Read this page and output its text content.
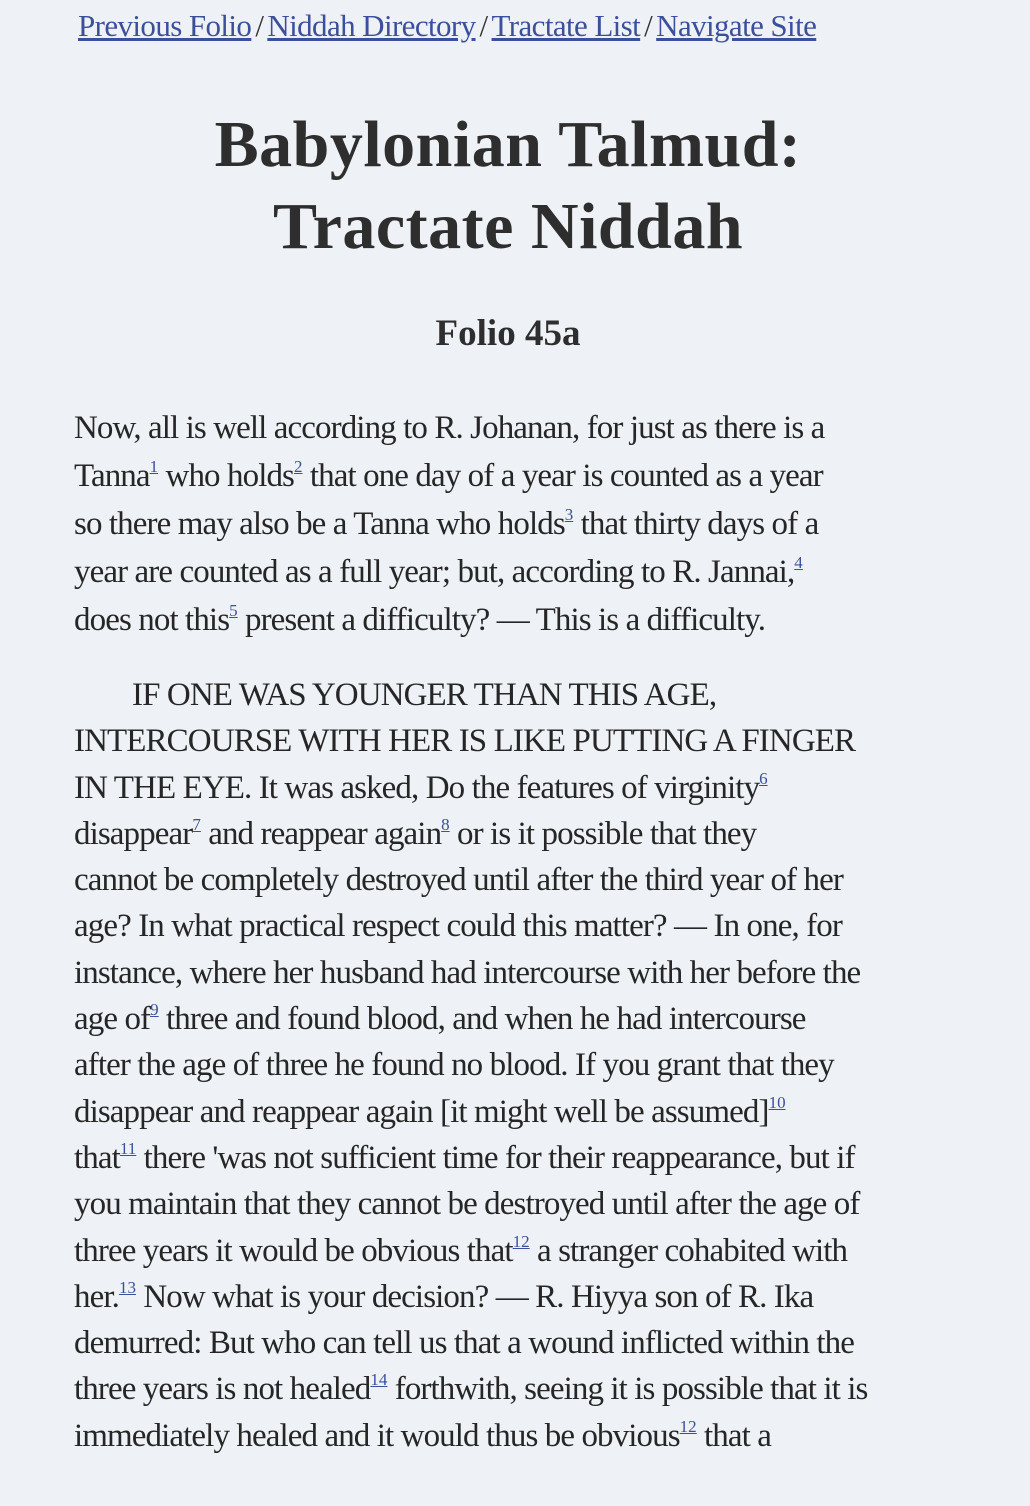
Previous Folio / Niddah Directory / Tractate List / Navigate Site
Babylonian Talmud:
Tractate Niddah
Folio 45a
Now, all is well according to R. Johanan, for just as there is a
Tanna$^1$ who holds$^2$ that one day of a year is counted as a year
so there may also be a Tanna who holds$^3$ that thirty days of a
year are counted as a full year; but, according to R. Jannai,$^4$
does not this$^5$ present a difficulty? — This is a difficulty.
IF ONE WAS YOUNGER THAN THIS AGE,
INTERCOURSE WITH HER IS LIKE PUTTING A FINGER
IN THE EYE. It was asked, Do the features of virginity$^6$
disappear$^7$ and reappear again$^8$ or is it possible that they
cannot be completely destroyed until after the third year of her
age? In what practical respect could this matter? — In one, for
instance, where her husband had intercourse with her before the
age of$^9$ three and found blood, and when he had intercourse
after the age of three he found no blood. If you grant that they
disappear and reappear again [it might well be assumed]$^{10}$
that$^{11}$ there 'was not sufficient time for their reappearance, but if
you maintain that they cannot be destroyed until after the age of
three years it would be obvious that$^{12}$ a stranger cohabited with
her.$^{13}$ Now what is your decision? — R. Hiyya son of R. Ika
demurred: But who can tell us that a wound inflicted within the
three years is not healed$^{14}$ forthwith, seeing it is possible that it is
immediately healed and it would thus be obvious$^{12}$ that a
